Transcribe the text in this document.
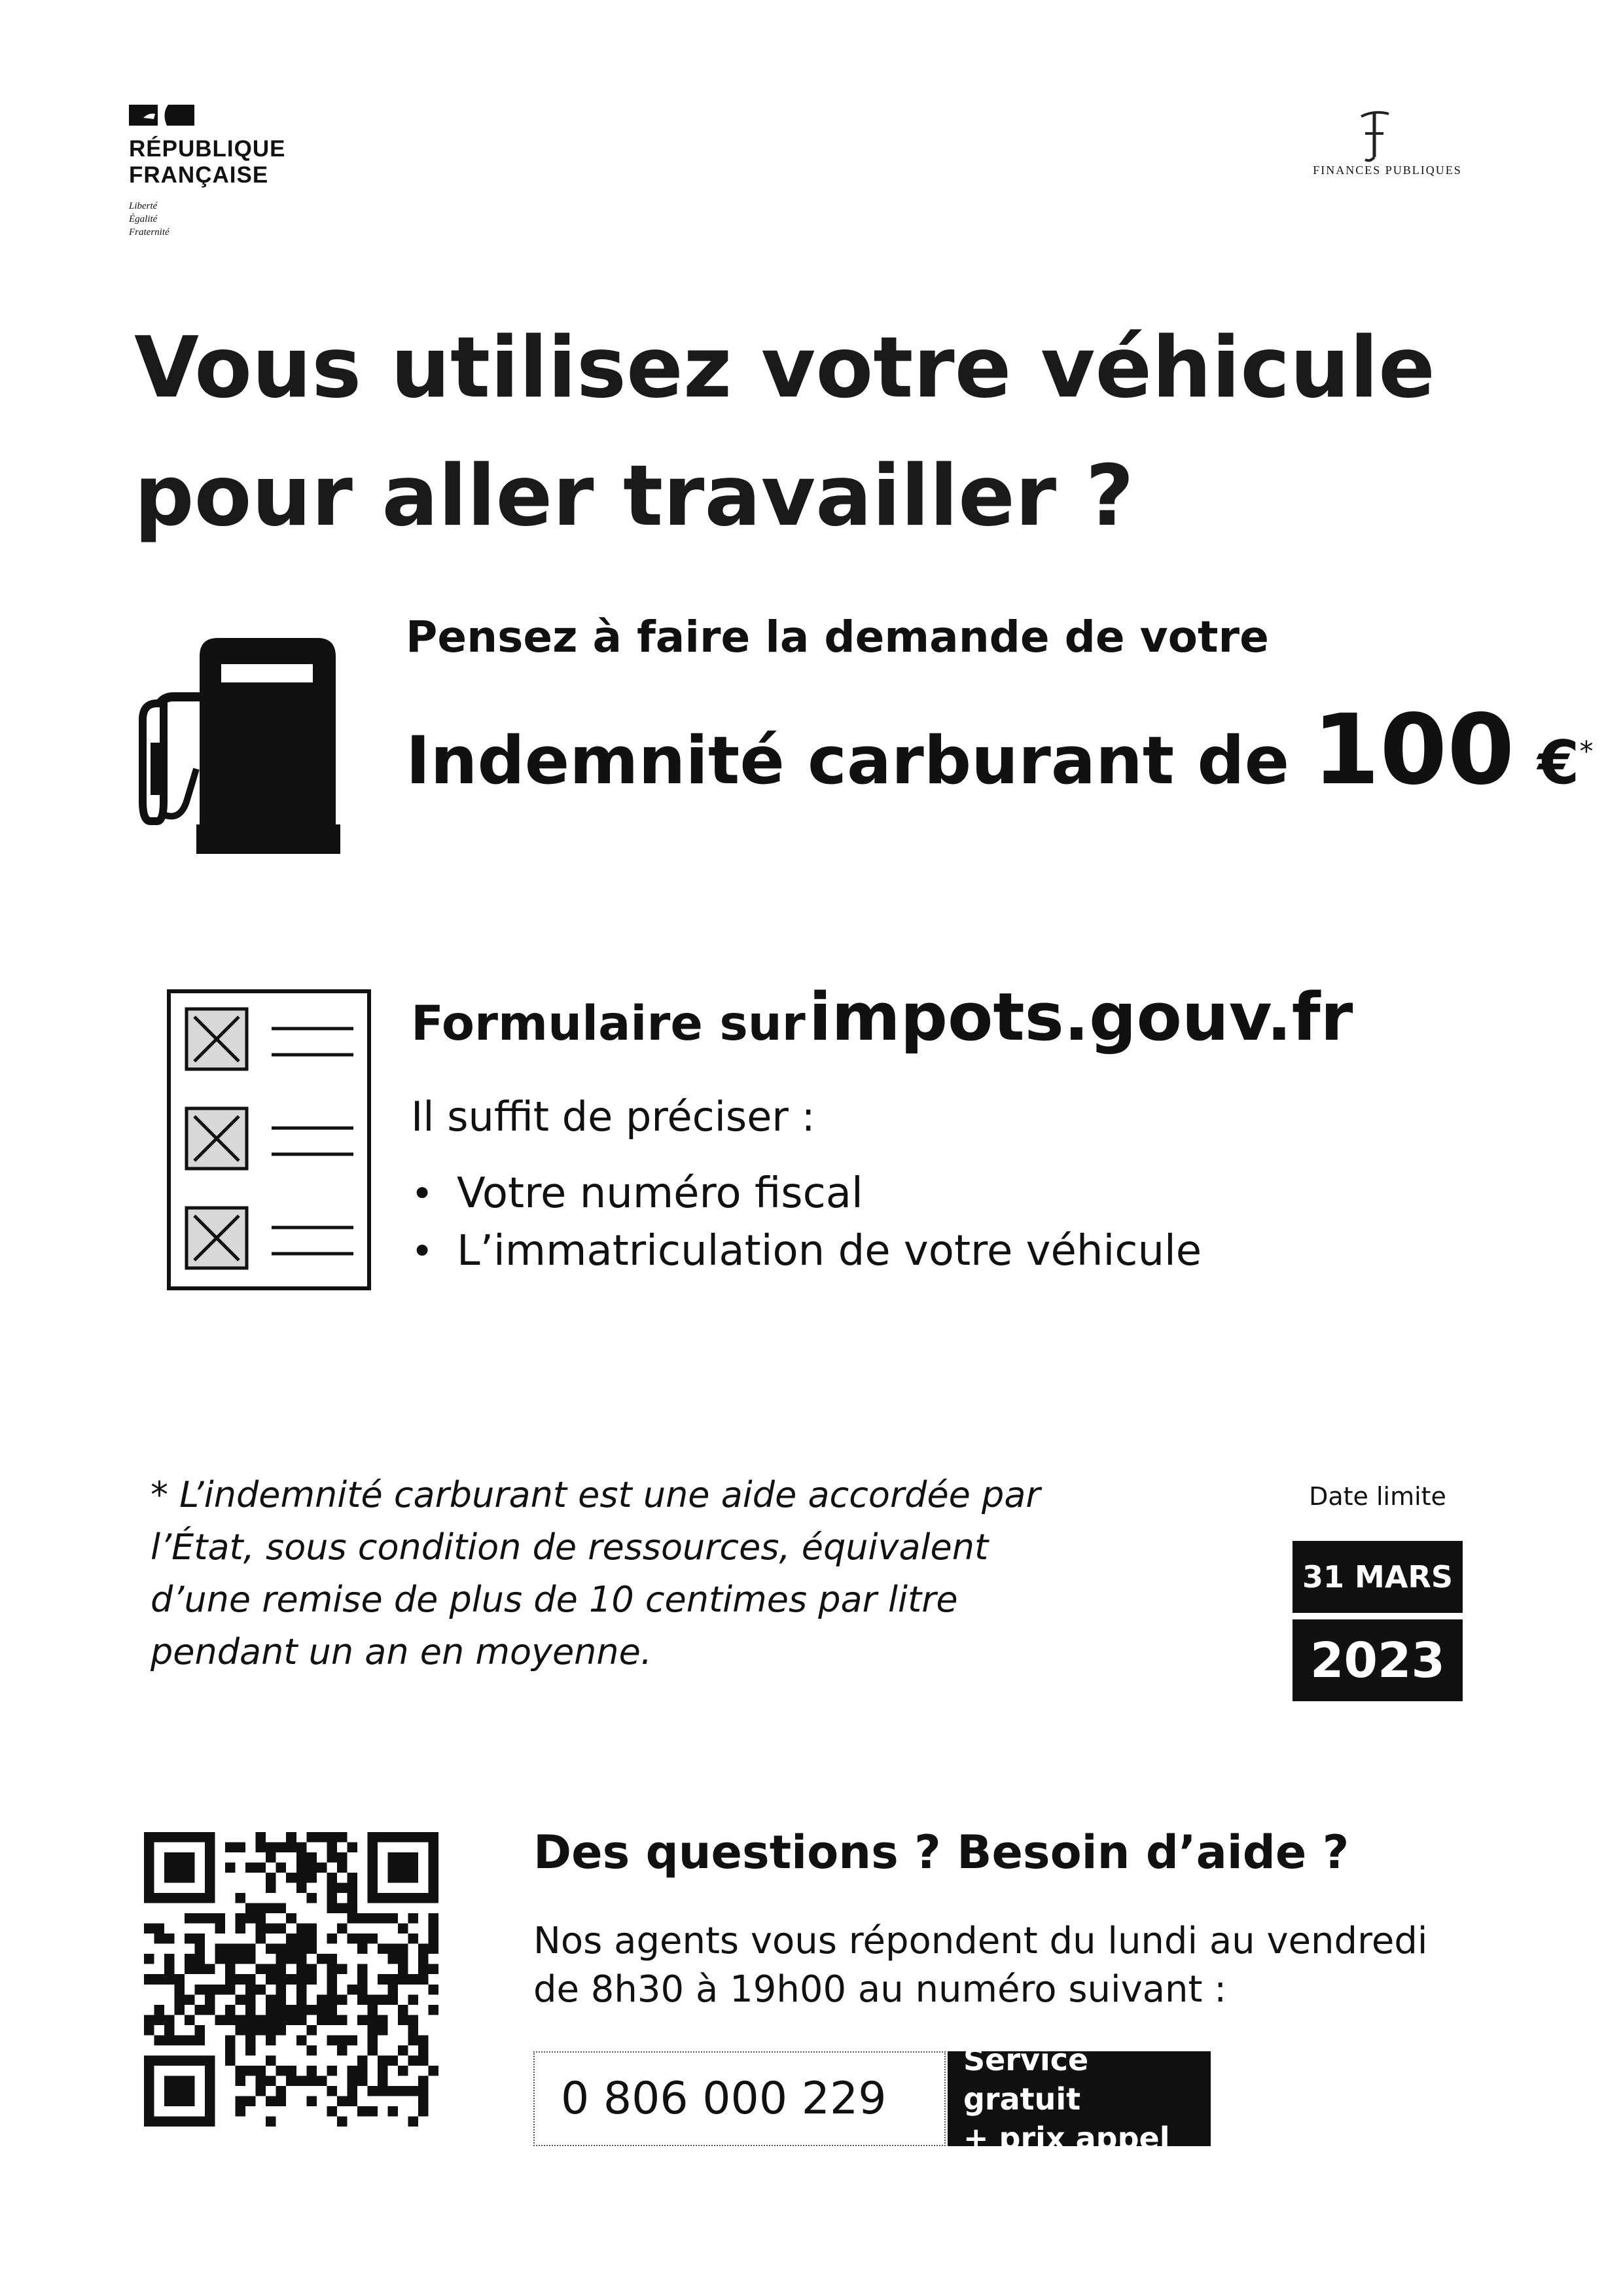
RÉPUBLIQUE
FRANÇAISE
Liberté
Égalité
Fraternité
FINANCES PUBLIQUES
Vous utilisez votre véhicule
pour aller travailler ?
Pensez à faire la demande de votre
Indemnité carburant de 100 €*
Formulaire sur impots.gouv.fr
Il suffit de préciser :
• Votre numéro fiscal
• L’immatriculation de votre véhicule
* L’indemnité carburant est une aide accordée par
l’État, sous condition de ressources, équivalent
d’une remise de plus de 10 centimes par litre
pendant un an en moyenne.
Date limite
31 MARS
2023
Des questions ? Besoin d’aide ?
Nos agents vous répondent du lundi au vendredi
de 8h30 à 19h00 au numéro suivant :
0 806 000 229
Service gratuit
+ prix appel
